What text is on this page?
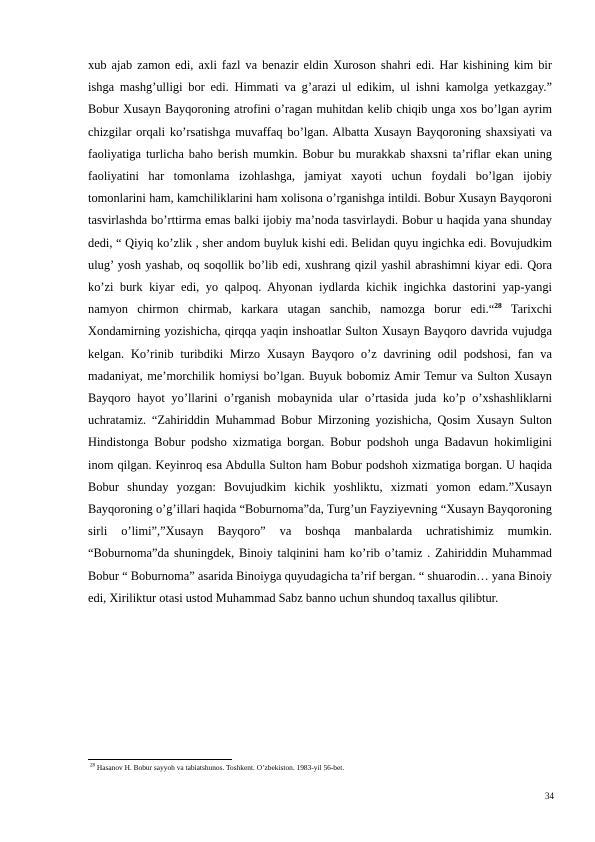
xub ajab zamon edi, axli fazl va benazir eldin Xuroson shahri edi. Har kishining kim bir ishga mashg’ulligi bor edi. Himmati va g’arazi ul edikim, ul ishni kamolga yetkazgay.” Bobur Xusayn Bayqoroning atrofini o’ragan muhitdan kelib chiqib unga xos bo’lgan ayrim chizgilar orqali ko’rsatishga muvaffaq bo’lgan. Albatta Xusayn Bayqoroning shaxsiyati va faoliyatiga turlicha baho berish mumkin. Bobur bu murakkab shaxsni ta’riflar ekan uning faoliyatini har tomonlama izohlashga, jamiyat xayoti uchun foydali bo’lgan ijobiy tomonlarini ham, kamchiliklarini ham xolisona o’rganishga intildi. Bobur Xusayn Bayqoroni tasvirlashda bo’rttirma emas balki ijobiy ma’noda tasvirlaydi. Bobur u haqida yana shunday dedi, “ Qiyiq ko’zlik , sher andom buyluk kishi edi. Belidan quyu ingichka edi. Bovujudkim ulug’ yosh yashab, oq soqollik bo’lib edi, xushrang qizil yashil abrashimni kiyar edi. Qora ko’zi burk kiyar edi, yo qalpoq. Ahyonan iydlarda kichik ingichka dastorini yap-yangi namyon chirmon chirmab, karkara utagan sanchib, namozga borur edi.“$^{28}$ Tarixchi Xondamirning yozishicha, qirqqa yaqin inshoatlar Sulton Xusayn Bayqoro davrida vujudga kelgan. Ko’rinib turibdiki Mirzo Xusayn Bayqoro o’z davrining odil podshosi, fan va madaniyat, me’morchilik homiysi bo’lgan. Buyuk bobomiz Amir Temur va Sulton Xusayn Bayqoro hayot yo’llarini o’rganish mobaynida ular o’rtasida juda ko’p o’xshashliklarni uchratamiz. “Zahiriddin Muhammad Bobur Mirzoning yozishicha, Qosim Xusayn Sulton Hindistonga Bobur podsho xizmatiga borgan. Bobur podshoh unga Badavun hokimligini inom qilgan. Keyinroq esa Abdulla Sulton ham Bobur podshoh xizmatiga borgan. U haqida Bobur shunday yozgan: Bovujudkim kichik yoshliktu, xizmati yomon edam.”Xusayn Bayqoroning o’g’illari haqida “Boburnoma”da, Turg’un Fayziyevning “Xusayn Bayqoroning sirli o’limi”,”Xusayn Bayqoro” va boshqa manbalarda uchratishimiz mumkin. “Boburnoma”da shuningdek, Binoiy talqinini ham ko’rib o’tamiz . Zahiriddin Muhammad Bobur “ Boburnoma” asarida Binoiyga quyudagicha ta’rif bergan. “ shuarodin… yana Binoiy edi, Xiriliktur otasi ustod Muhammad Sabz banno uchun shundoq taxallus qilibtur.

$^{28}$ Hasanov H. Bobur sayyoh va tabiatshunos. Toshkent. O’zbekiston. 1983-yil 56-bet.
34
